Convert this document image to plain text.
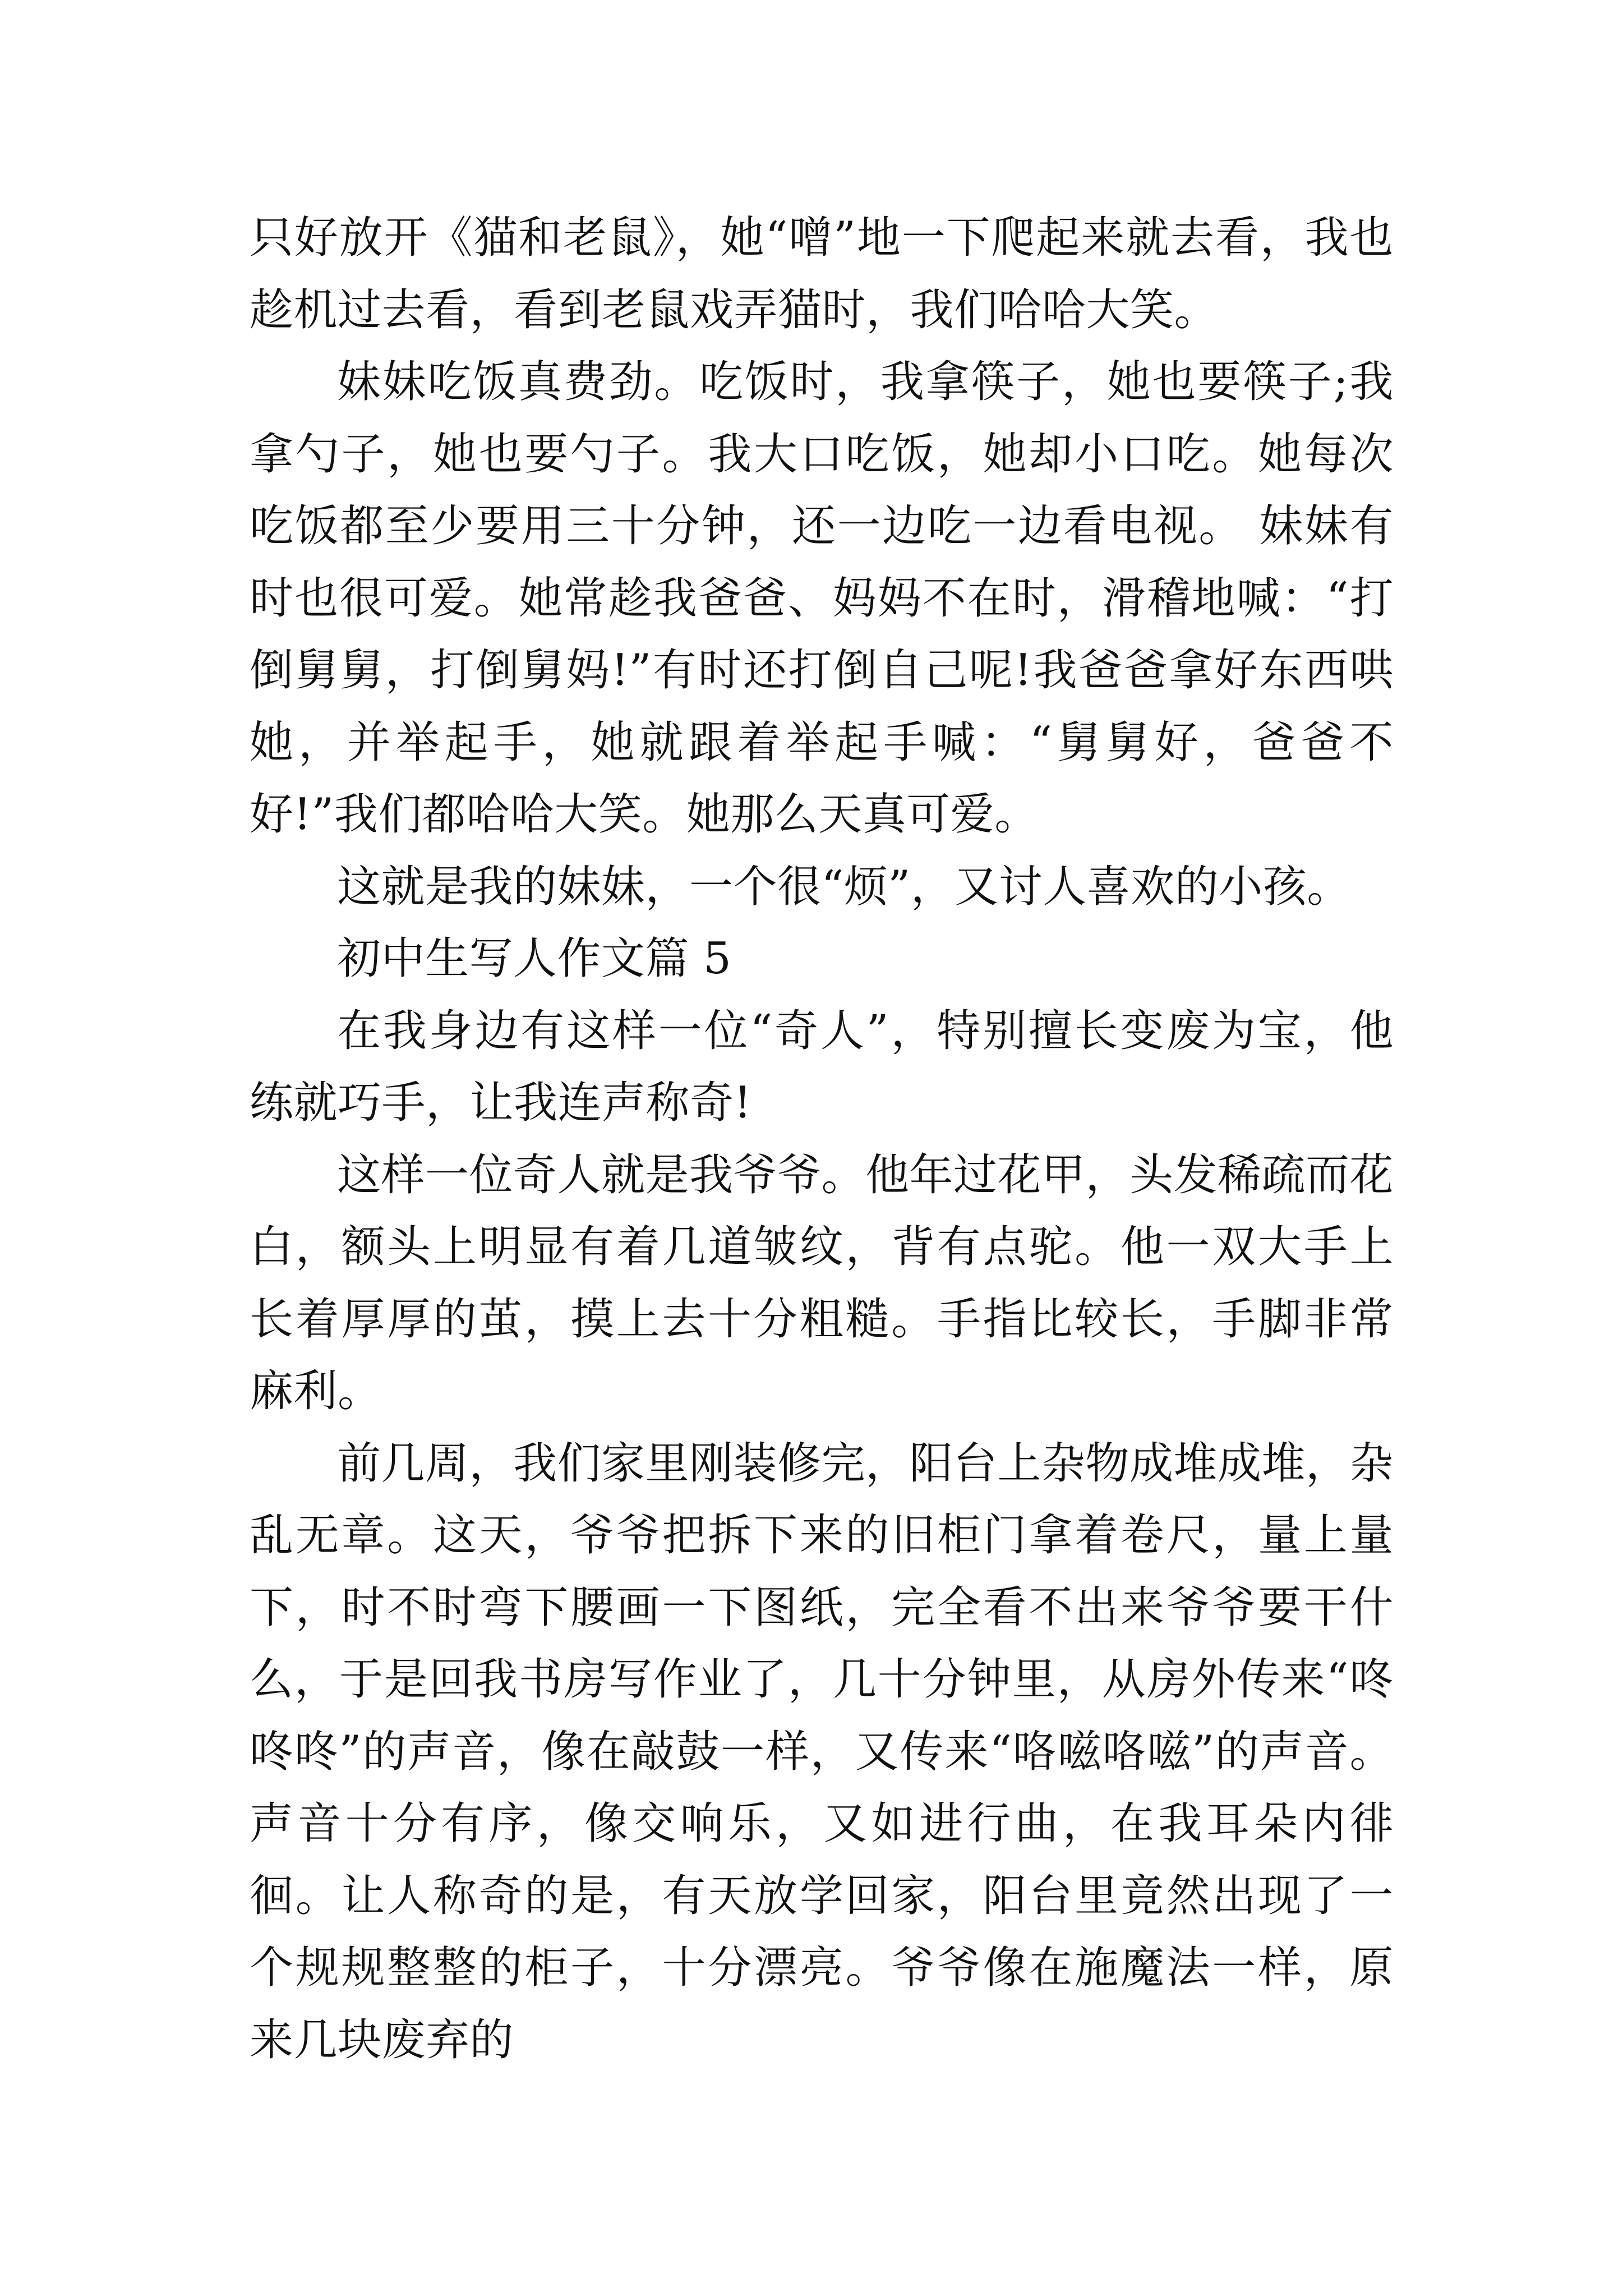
只好放开《猫和老鼠》，她“噌”地一下爬起来就去看，我也趁机过去看，看到老鼠戏弄猫时，我们哈哈大笑。

妹妹吃饭真费劲。吃饭时，我拿筷子，她也要筷子;我拿勺子，她也要勺子。我大口吃饭，她却小口吃。她每次吃饭都至少要用三十分钟，还一边吃一边看电视。 妹妹有时也很可爱。她常趁我爸爸、妈妈不在时，滑稽地喊：“打倒舅舅，打倒舅妈!”有时还打倒自己呢!我爸爸拿好东西哄她，并举起手，她就跟着举起手喊：“舅舅好，爸爸不好!”我们都哈哈大笑。她那么天真可爱。

这就是我的妹妹，一个很“烦”，又讨人喜欢的小孩。

初中生写人作文篇 5

在我身边有这样一位“奇人”，特别擅长变废为宝，他练就巧手，让我连声称奇!

这样一位奇人就是我爷爷。他年过花甲，头发稀疏而花白，额头上明显有着几道皱纹，背有点驼。他一双大手上长着厚厚的茧，摸上去十分粗糙。手指比较长，手脚非常麻利。

前几周，我们家里刚装修完，阳台上杂物成堆成堆，杂乱无章。这天，爷爷把拆下来的旧柜门拿着卷尺，量上量下，时不时弯下腰画一下图纸，完全看不出来爷爷要干什么，于是回我书房写作业了，几十分钟里，从房外传来“咚咚咚”的声音，像在敲鼓一样，又传来“咯嗞咯嗞”的声音。声音十分有序，像交响乐，又如进行曲，在我耳朵内徘徊。让人称奇的是，有天放学回家，阳台里竟然出现了一个规规整整的柜子，十分漂亮。爷爷像在施魔法一样，原来几块废弃的
